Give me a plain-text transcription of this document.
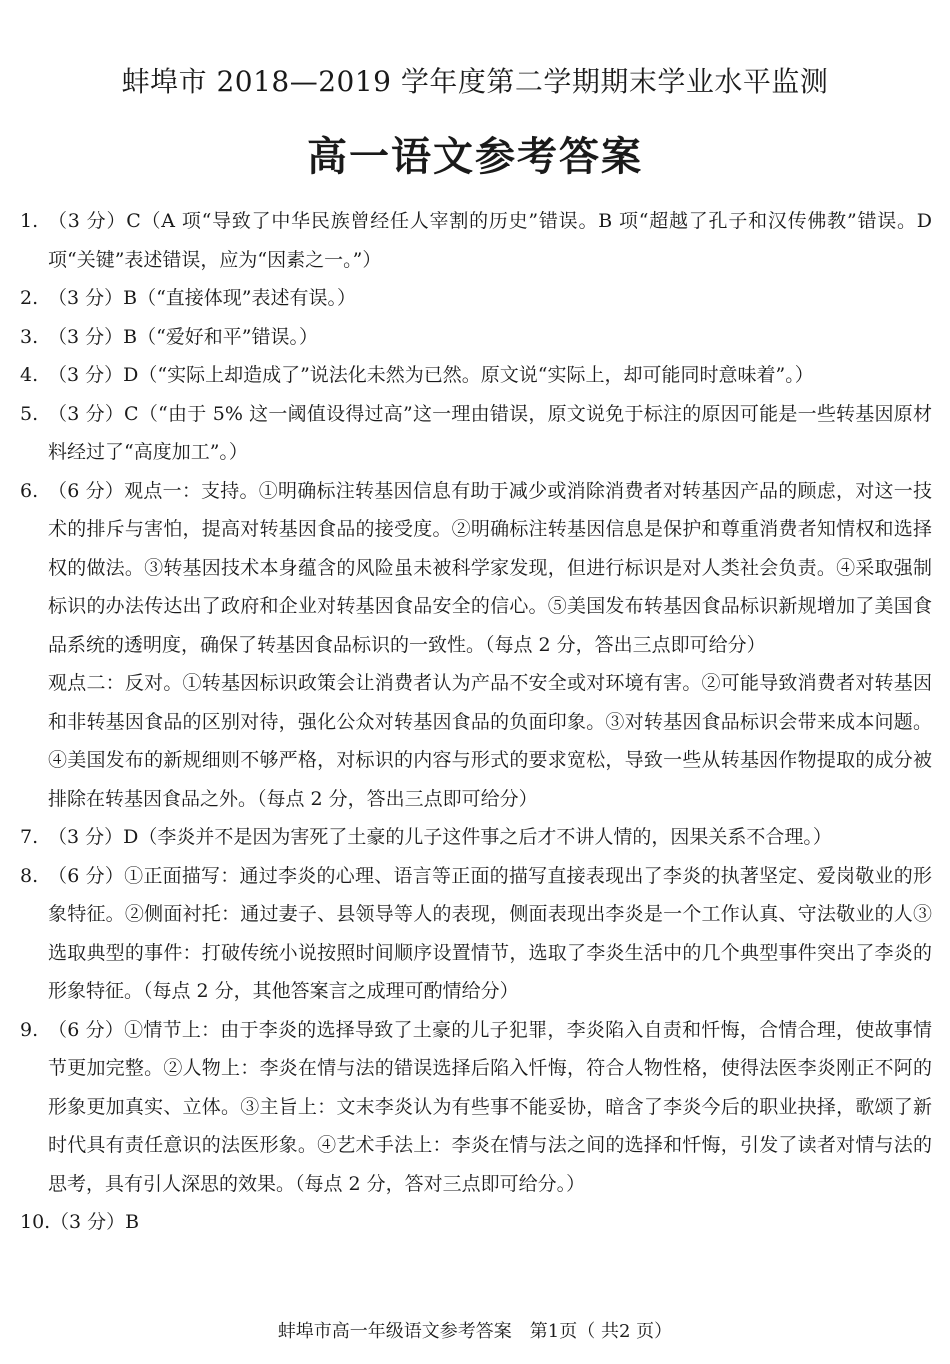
蚌埠市 2018—2019 学年度第二学期期末学业水平监测
高一语文参考答案
1. （3 分）C（A 项“导致了中华民族曾经任人宰割的历史”错误。B 项“超越了孔子和汉传佛教”错误。D 项“关键”表述错误，应为“因素之一。”）
2. （3 分）B（“直接体现”表述有误。）
3. （3 分）B（“爱好和平”错误。）
4. （3 分）D（“实际上却造成了”说法化未然为已然。原文说“实际上，却可能同时意味着”。）
5. （3 分）C（“由于 5% 这一阈值设得过高”这一理由错误，原文说免于标注的原因可能是一些转基因原材料经过了“高度加工”。）
6. （6 分）观点一：支持。①明确标注转基因信息有助于减少或消除消费者对转基因产品的顾虑，对这一技术的排斥与害怕，提高对转基因食品的接受度。②明确标注转基因信息是保护和尊重消费者知情权和选择权的做法。③转基因技术本身蕴含的风险虽未被科学家发现，但进行标识是对人类社会负责。④采取强制标识的办法传达出了政府和企业对转基因食品安全的信心。⑤美国发布转基因食品标识新规增加了美国食品系统的透明度，确保了转基因食品标识的一致性。（每点 2 分，答出三点即可给分）
观点二：反对。①转基因标识政策会让消费者认为产品不安全或对环境有害。②可能导致消费者对转基因和非转基因食品的区别对待，强化公众对转基因食品的负面印象。③对转基因食品标识会带来成本问题。④美国发布的新规细则不够严格，对标识的内容与形式的要求宽松，导致一些从转基因作物提取的成分被排除在转基因食品之外。（每点 2 分，答出三点即可给分）
7. （3 分）D（李炎并不是因为害死了土豪的儿子这件事之后才不讲人情的，因果关系不合理。）
8. （6 分）①正面描写：通过李炎的心理、语言等正面的描写直接表现出了李炎的执著坚定、爱岗敬业的形象特征。②侧面衬托：通过妻子、县领导等人的表现，侧面表现出李炎是一个工作认真、守法敬业的人③选取典型的事件：打破传统小说按照时间顺序设置情节，选取了李炎生活中的几个典型事件突出了李炎的形象特征。（每点 2 分，其他答案言之成理可酌情给分）
9. （6 分）①情节上：由于李炎的选择导致了土豪的儿子犯罪，李炎陷入自责和忏悔，合情合理，使故事情节更加完整。②人物上：李炎在情与法的错误选择后陷入忏悔，符合人物性格，使得法医李炎刚正不阿的形象更加真实、立体。③主旨上：文末李炎认为有些事不能妥协，暗含了李炎今后的职业抉择，歌颂了新时代具有责任意识的法医形象。④艺术手法上：李炎在情与法之间的选择和忏悔，引发了读者对情与法的思考，具有引人深思的效果。（每点 2 分，答对三点即可给分。）
10. （3 分）B
蚌埠市高一年级语文参考答案　第1页（ 共2 页）
